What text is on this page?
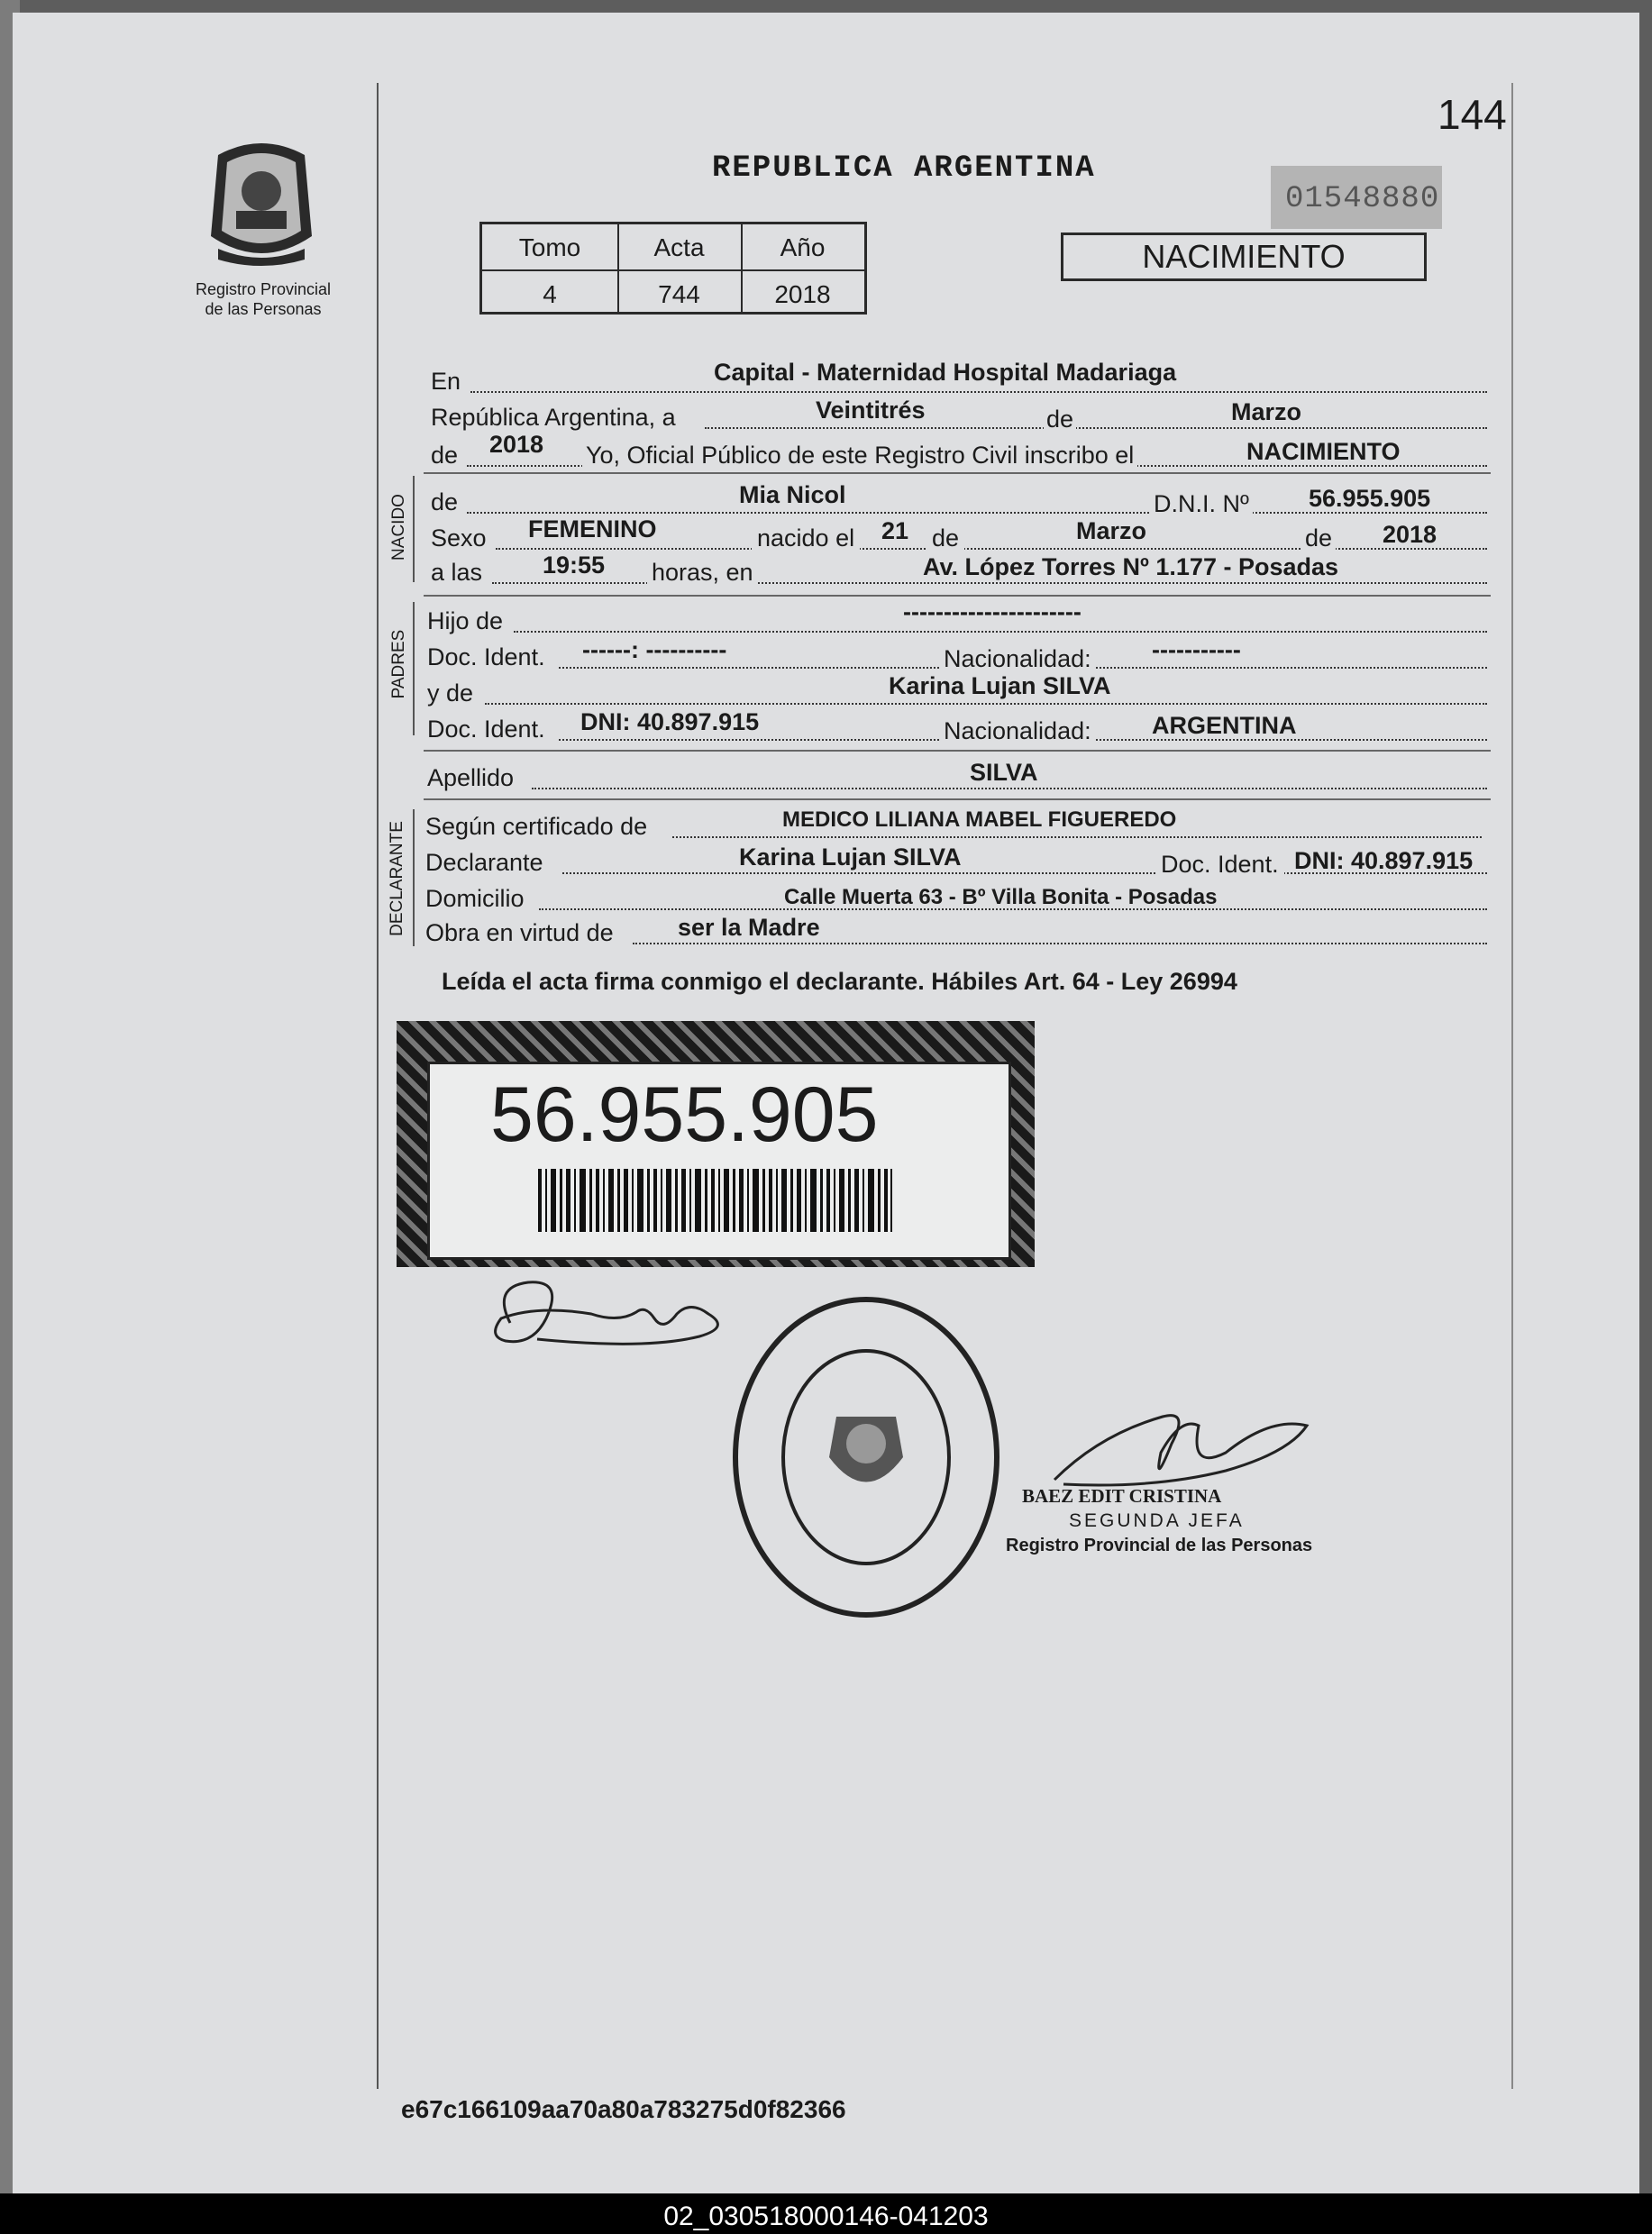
144
Registro Provincial
de las Personas
REPUBLICA ARGENTINA
01548880
Tomo	Acta	Año
4	744	2018
NACIMIENTO
En	Capital - Maternidad Hospital Madariaga
República Argentina, a	Veintitrés	de	Marzo
de 2018 Yo, Oficial Público de este Registro Civil inscribo el	NACIMIENTO
NACIDO de	Mia Nicol	D.N.I. Nº 56.955.905
Sexo FEMENINO	nacido el 21 de	Marzo	de 2018
a las 19:55 horas, en	Av. López Torres Nº 1.177 - Posadas
PADRES
Hijo de	----------------------
Doc. Ident. ------: ----------	Nacionalidad: -----------
y de	Karina Lujan SILVA
Doc. Ident. DNI: 40.897.915	Nacionalidad: ARGENTINA
Apellido	SILVA
DECLARANTE Según certificado de	MEDICO LILIANA MABEL FIGUEREDO
Declarante	Karina Lujan SILVA	Doc. Ident. DNI: 40.897.915
Domicilio	Calle Muerta 63 - Bº Villa Bonita - Posadas
Obra en virtud de	ser la Madre
Leída el acta firma conmigo el declarante. Hábiles Art. 64 - Ley 26994
56.955.905
BAEZ EDIT CRISTINA
SEGUNDA JEFA
Registro Provincial de las Personas
e67c166109aa70a80a783275d0f82366
02_030518000146-041203
